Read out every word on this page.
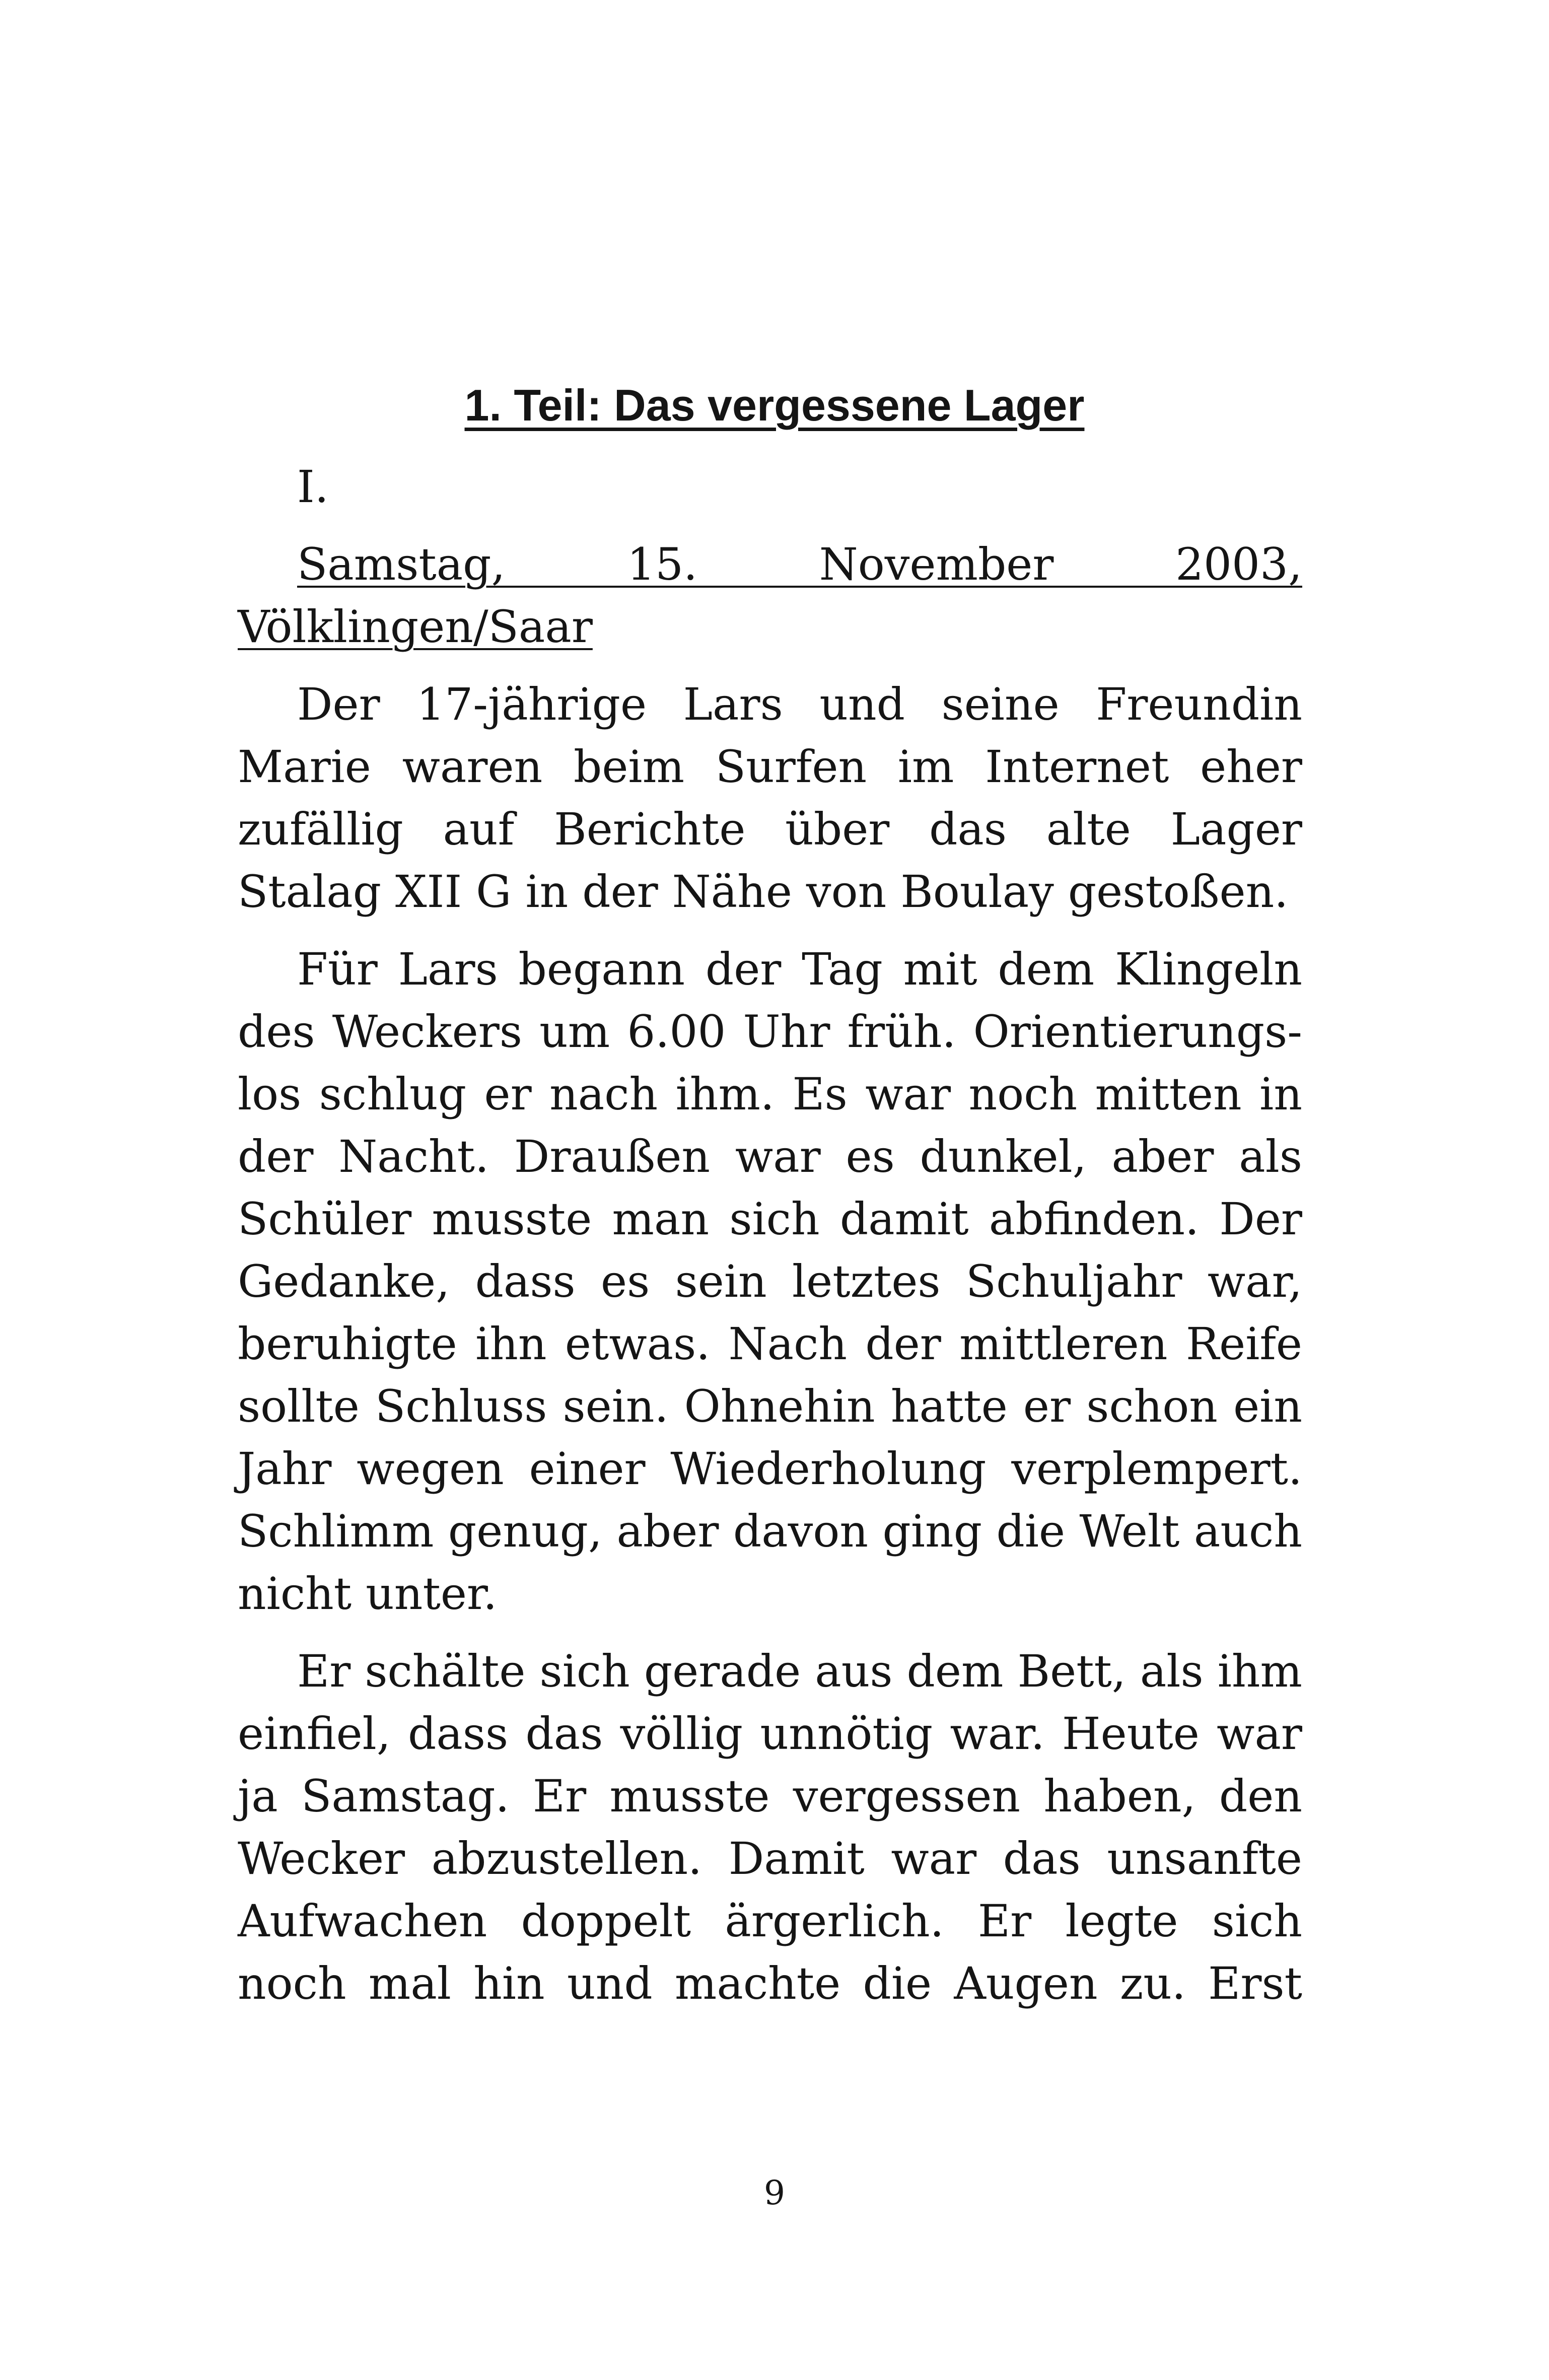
1. Teil: Das vergessene Lager

I.

Samstag, 15. November 2003, Völklingen/Saar

Der 17-jährige Lars und seine Freundin Marie waren beim Surfen im Internet eher zufällig auf Berichte über das alte Lager Stalag XII G in der Nähe von Boulay gestoßen.

Für Lars begann der Tag mit dem Klingeln des Weckers um 6.00 Uhr früh. Orientierungs-los schlug er nach ihm. Es war noch mitten in der Nacht. Draußen war es dunkel, aber als Schüler musste man sich damit abfinden. Der Gedanke, dass es sein letztes Schuljahr war, beruhigte ihn etwas. Nach der mittleren Reife sollte Schluss sein. Ohnehin hatte er schon ein Jahr wegen einer Wiederholung verplempert. Schlimm genug, aber davon ging die Welt auch nicht unter.

Er schälte sich gerade aus dem Bett, als ihm einfiel, dass das völlig unnötig war. Heute war ja Samstag. Er musste vergessen haben, den Wecker abzustellen. Damit war das unsanfte Aufwachen doppelt ärgerlich. Er legte sich noch mal hin und machte die Augen zu. Erst

9
